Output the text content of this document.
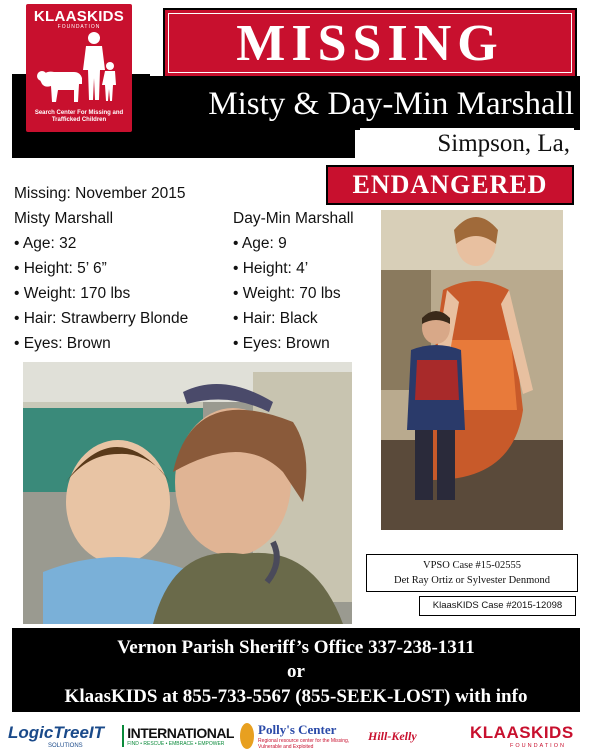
KLAASKIDS
FOUNDATION
Search Center For Missing and Trafficked Children
MISSING
Misty & Day-Min Marshall
Simpson, La,
ENDANGERED
Missing: November 2015
Misty Marshall
• Age: 32
• Height: 5’ 6”
• Weight: 170 lbs
• Hair: Strawberry Blonde
• Eyes: Brown
Day-Min Marshall
• Age: 9
• Height: 4’
• Weight: 70 lbs
• Hair: Black
• Eyes: Brown
VPSO Case #15-02555
Det Ray Ortiz or Sylvester Denmond
KlaasKIDS Case #2015-12098
Vernon Parish Sheriff’s Office 337-238-1311
or
KlaasKIDS at 855-733-5567 (855-SEEK-LOST) with info
LogicTreeIT
SOLUTIONS
INTERNATIONAL
FIND • RESCUE • EMBRACE • EMPOWER
Polly's Center
Regional resource center for the Missing, Vulnerable and Exploited
Hill-Kelly	KLAASKIDS
FOUNDATION
